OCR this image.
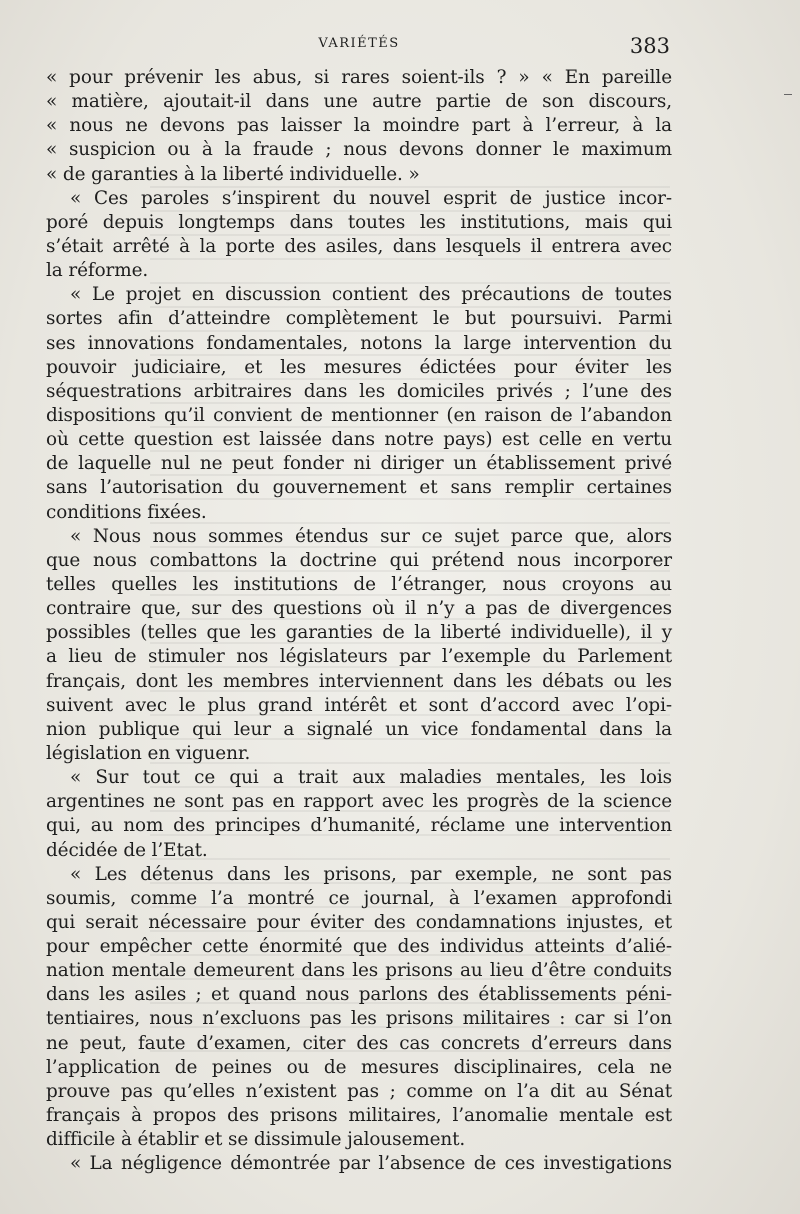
VARIÉTÉS	383
« pour prévenir les abus, si rares soient-ils ? » « En pareille
« matière, ajoutait-il dans une autre partie de son discours,
« nous ne devons pas laisser la moindre part à l’erreur, à la
« suspicion ou à la fraude ; nous devons donner le maximum
« de garanties à la liberté individuelle. »
« Ces paroles s’inspirent du nouvel esprit de justice incor-
poré depuis longtemps dans toutes les institutions, mais qui
s’était arrêté à la porte des asiles, dans lesquels il entrera avec
la réforme.
« Le projet en discussion contient des précautions de toutes
sortes afin d’atteindre complètement le but poursuivi. Parmi
ses innovations fondamentales, notons la large intervention du
pouvoir judiciaire, et les mesures édictées pour éviter les
séquestrations arbitraires dans les domiciles privés ; l’une des
dispositions qu’il convient de mentionner (en raison de l’abandon
où cette question est laissée dans notre pays) est celle en vertu
de laquelle nul ne peut fonder ni diriger un établissement privé
sans l’autorisation du gouvernement et sans remplir certaines
conditions fixées.
« Nous nous sommes étendus sur ce sujet parce que, alors
que nous combattons la doctrine qui prétend nous incorporer
telles quelles les institutions de l’étranger, nous croyons au
contraire que, sur des questions où il n’y a pas de divergences
possibles (telles que les garanties de la liberté individuelle), il y
a lieu de stimuler nos législateurs par l’exemple du Parlement
français, dont les membres interviennent dans les débats ou les
suivent avec le plus grand intérêt et sont d’accord avec l’opi-
nion publique qui leur a signalé un vice fondamental dans la
législation en viguenr.
« Sur tout ce qui a trait aux maladies mentales, les lois
argentines ne sont pas en rapport avec les progrès de la science
qui, au nom des principes d’humanité, réclame une intervention
décidée de l’Etat.
« Les détenus dans les prisons, par exemple, ne sont pas
soumis, comme l’a montré ce journal, à l’examen approfondi
qui serait nécessaire pour éviter des condamnations injustes, et
pour empêcher cette énormité que des individus atteints d’alié-
nation mentale demeurent dans les prisons au lieu d’être conduits
dans les asiles ; et quand nous parlons des établissements péni-
tentiaires, nous n’excluons pas les prisons militaires : car si l’on
ne peut, faute d’examen, citer des cas concrets d’erreurs dans
l’application de peines ou de mesures disciplinaires, cela ne
prouve pas qu’elles n’existent pas ; comme on l’a dit au Sénat
français à propos des prisons militaires, l’anomalie mentale est
difficile à établir et se dissimule jalousement.
« La négligence démontrée par l’absence de ces investigations
